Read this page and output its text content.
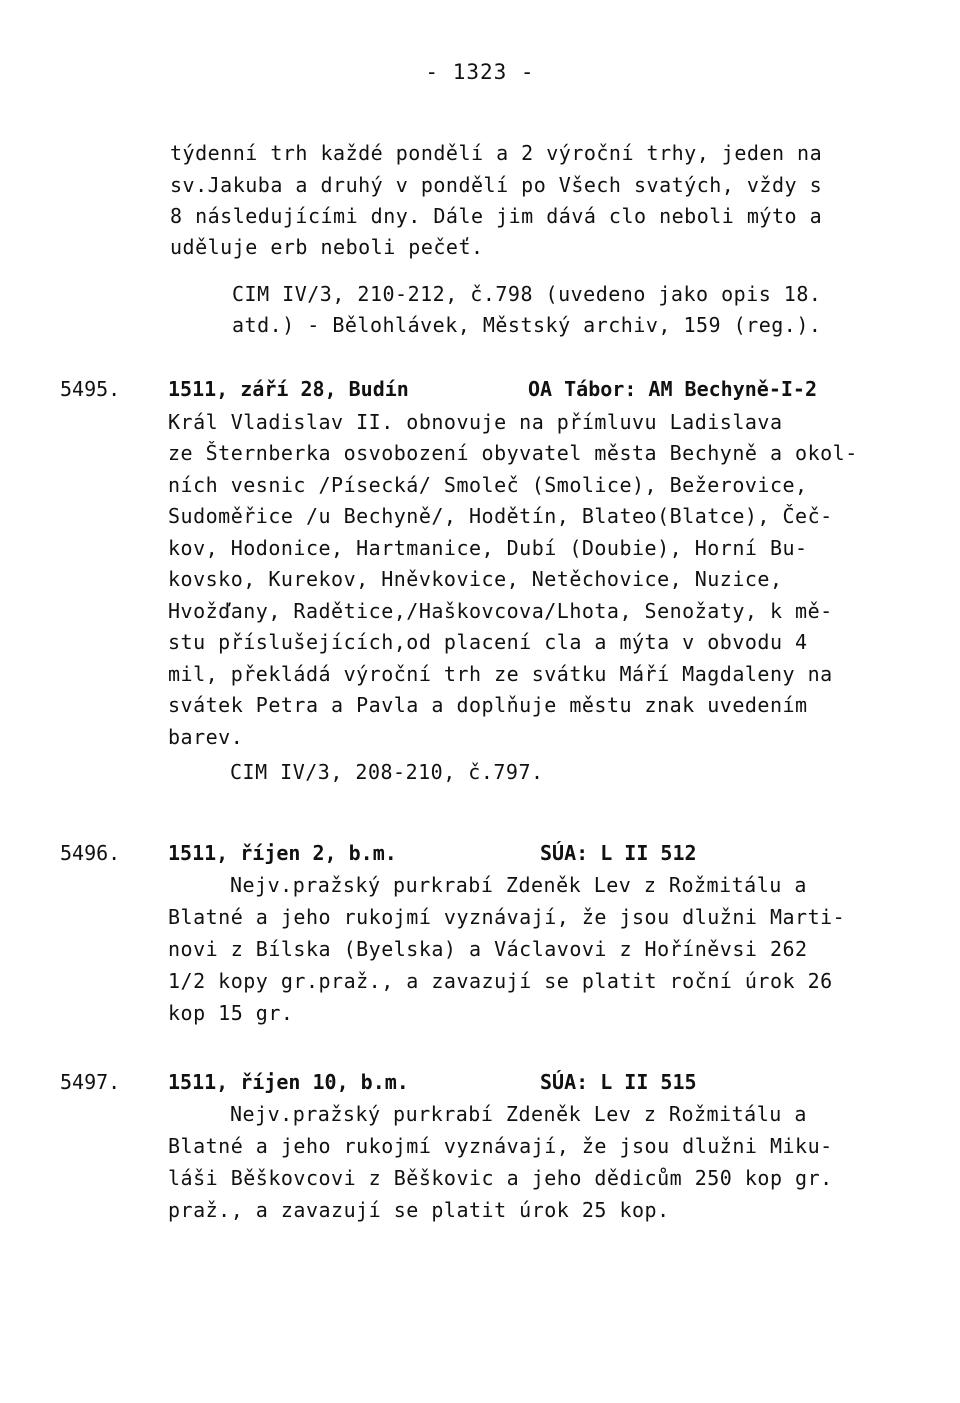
- 1323 -
týdenní trh každé pondělí a 2 výroční trhy, jeden na
sv.Jakuba a druhý v pondělí po Všech svatých, vždy s
8 následujícími dny. Dále jim dává clo neboli mýto a
uděluje erb neboli pečeť.
CIM IV/3, 210-212, č.798 (uvedeno jako opis 18.
atd.) - Bělohlávek, Městský archiv, 159 (reg.).
5495. 1511, září 28, Budín	OA Tábor: AM Bechyně-I-2
Král Vladislav II. obnovuje na přímluvu Ladislava
ze Šternberka osvobození obyvatel města Bechyně a okol-
ních vesnic /Písecká/ Smoleč (Smolice), Bežerovice,
Sudoměřice /u Bechyně/, Hodětín, Blateo(Blatce), Čeč-
kov, Hodonice, Hartmanice, Dubí (Doubie), Horní Bu-
kovsko, Kurekov, Hněvkovice, Netěchovice, Nuzice,
Hvožďany, Radětice,/Haškovcova/Lhota, Senožaty, k mě-
stu příslušejících,od placení cla a mýta v obvodu 4
mil, překládá výroční trh ze svátku Máří Magdaleny na
svátek Petra a Pavla a doplňuje městu znak uvedením
barev.
CIM IV/3, 208-210, č.797.
5496. 1511, říjen 2, b.m.	SÚA: L II 512
Nejv.pražský purkrabí Zdeněk Lev z Rožmitálu a
Blatné a jeho rukojmí vyznávají, že jsou dlužni Marti-
novi z Bílska (Byelska) a Václavovi z Hoříněvsi 262
1/2 kopy gr.praž., a zavazují se platit roční úrok 26
kop 15 gr.
5497. 1511, říjen 10, b.m.	SÚA: L II 515
Nejv.pražský purkrabí Zdeněk Lev z Rožmitálu a
Blatné a jeho rukojmí vyznávají, že jsou dlužni Miku-
láši Běškovcovi z Běškovic a jeho dědicům 250 kop gr.
praž., a zavazují se platit úrok 25 kop.
